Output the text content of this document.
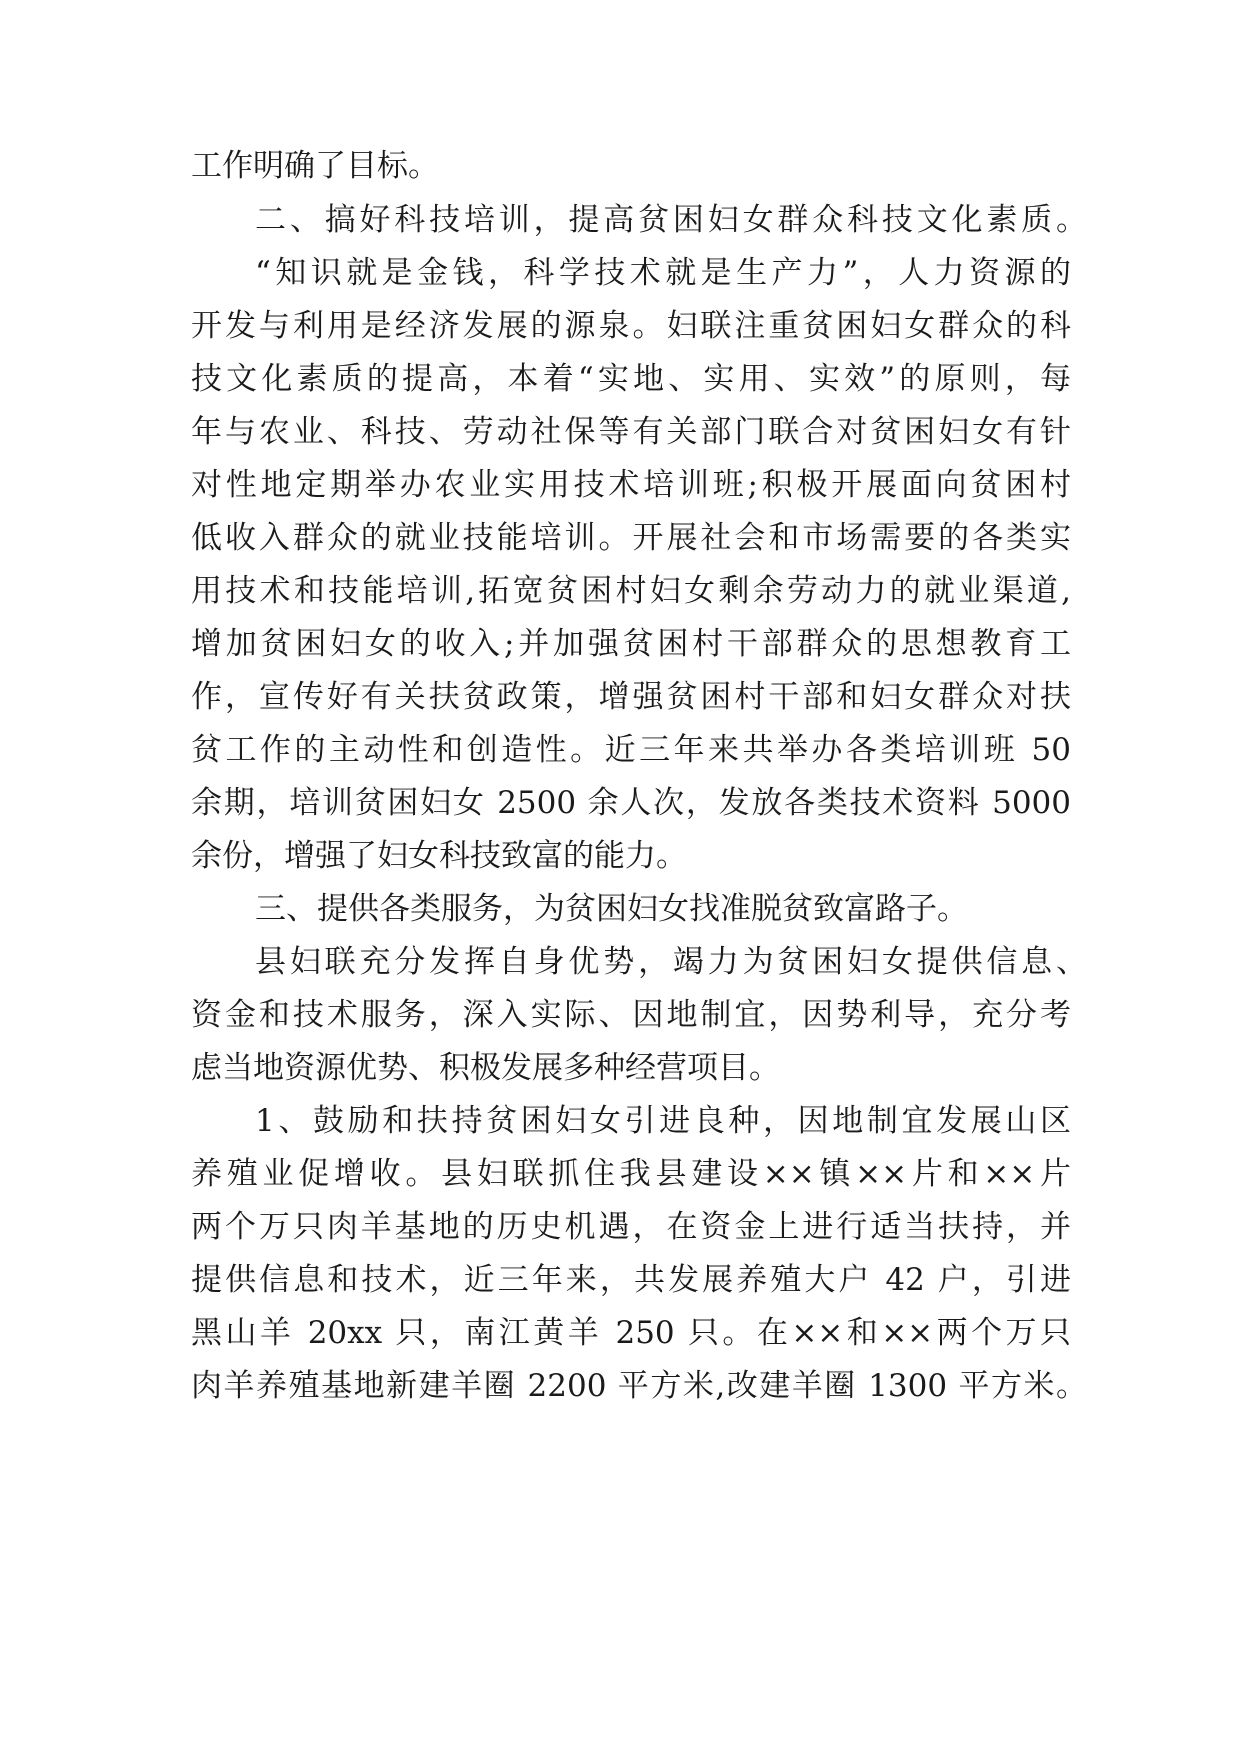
工作明确了目标。
二、搞好科技培训，提高贫困妇女群众科技文化素质。
“知识就是金钱，科学技术就是生产力”，人力资源的
开发与利用是经济发展的源泉。妇联注重贫困妇女群众的科
技文化素质的提高，本着“实地、实用、实效”的原则，每
年与农业、科技、劳动社保等有关部门联合对贫困妇女有针
对性地定期举办农业实用技术培训班;积极开展面向贫困村
低收入群众的就业技能培训。开展社会和市场需要的各类实
用技术和技能培训,拓宽贫困村妇女剩余劳动力的就业渠道,
增加贫困妇女的收入;并加强贫困村干部群众的思想教育工
作，宣传好有关扶贫政策，增强贫困村干部和妇女群众对扶
贫工作的主动性和创造性。近三年来共举办各类培训班 50
余期，培训贫困妇女 2500 余人次，发放各类技术资料 5000
余份，增强了妇女科技致富的能力。
三、提供各类服务，为贫困妇女找准脱贫致富路子。
县妇联充分发挥自身优势，竭力为贫困妇女提供信息、
资金和技术服务，深入实际、因地制宜，因势利导，充分考
虑当地资源优势、积极发展多种经营项目。
1、鼓励和扶持贫困妇女引进良种，因地制宜发展山区
养殖业促增收。县妇联抓住我县建设××镇××片和××片
两个万只肉羊基地的历史机遇，在资金上进行适当扶持，并
提供信息和技术，近三年来，共发展养殖大户 42 户，引进
黑山羊 20xx 只，南江黄羊 250 只。在××和××两个万只
肉羊养殖基地新建羊圈 2200 平方米,改建羊圈 1300 平方米。
